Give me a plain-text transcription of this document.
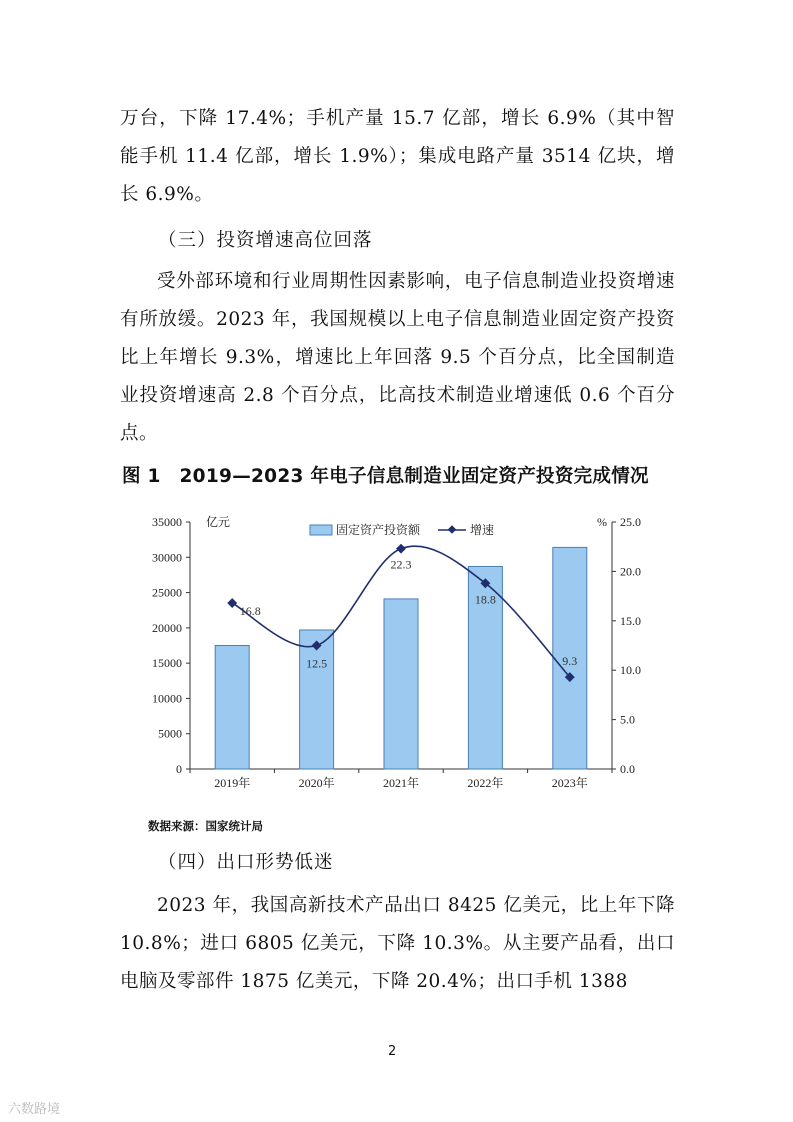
万台，下降 17.4%；手机产量 15.7 亿部，增长 6.9%（其中智能手机 11.4 亿部，增长 1.9%）；集成电路产量 3514 亿块，增长 6.9%。

（三）投资增速高位回落

受外部环境和行业周期性因素影响，电子信息制造业投资增速有所放缓。2023 年，我国规模以上电子信息制造业固定资产投资比上年增长 9.3%，增速比上年回落 9.5 个百分点，比全国制造业投资增速高 2.8 个百分点，比高技术制造业增速低 0.6 个百分点。

图 1　2019—2023 年电子信息制造业固定资产投资完成情况
35000
30000
25000
20000
15000
10000
5000
0
亿元	25.0
20.0
15.0
10.0
5.0
0.0
%
2019年	2020年	2021年	2022年	2023年
16.8
12.5
22.3
18.8
9.3
固定资产投资额	增速
数据来源：国家统计局
（四）出口形势低迷

2023 年，我国高新技术产品出口 8425 亿美元，比上年下降 10.8%；进口 6805 亿美元，下降 10.3%。从主要产品看，出口电脑及零部件 1875 亿美元，下降 20.4%；出口手机 1388

2
六数路境
